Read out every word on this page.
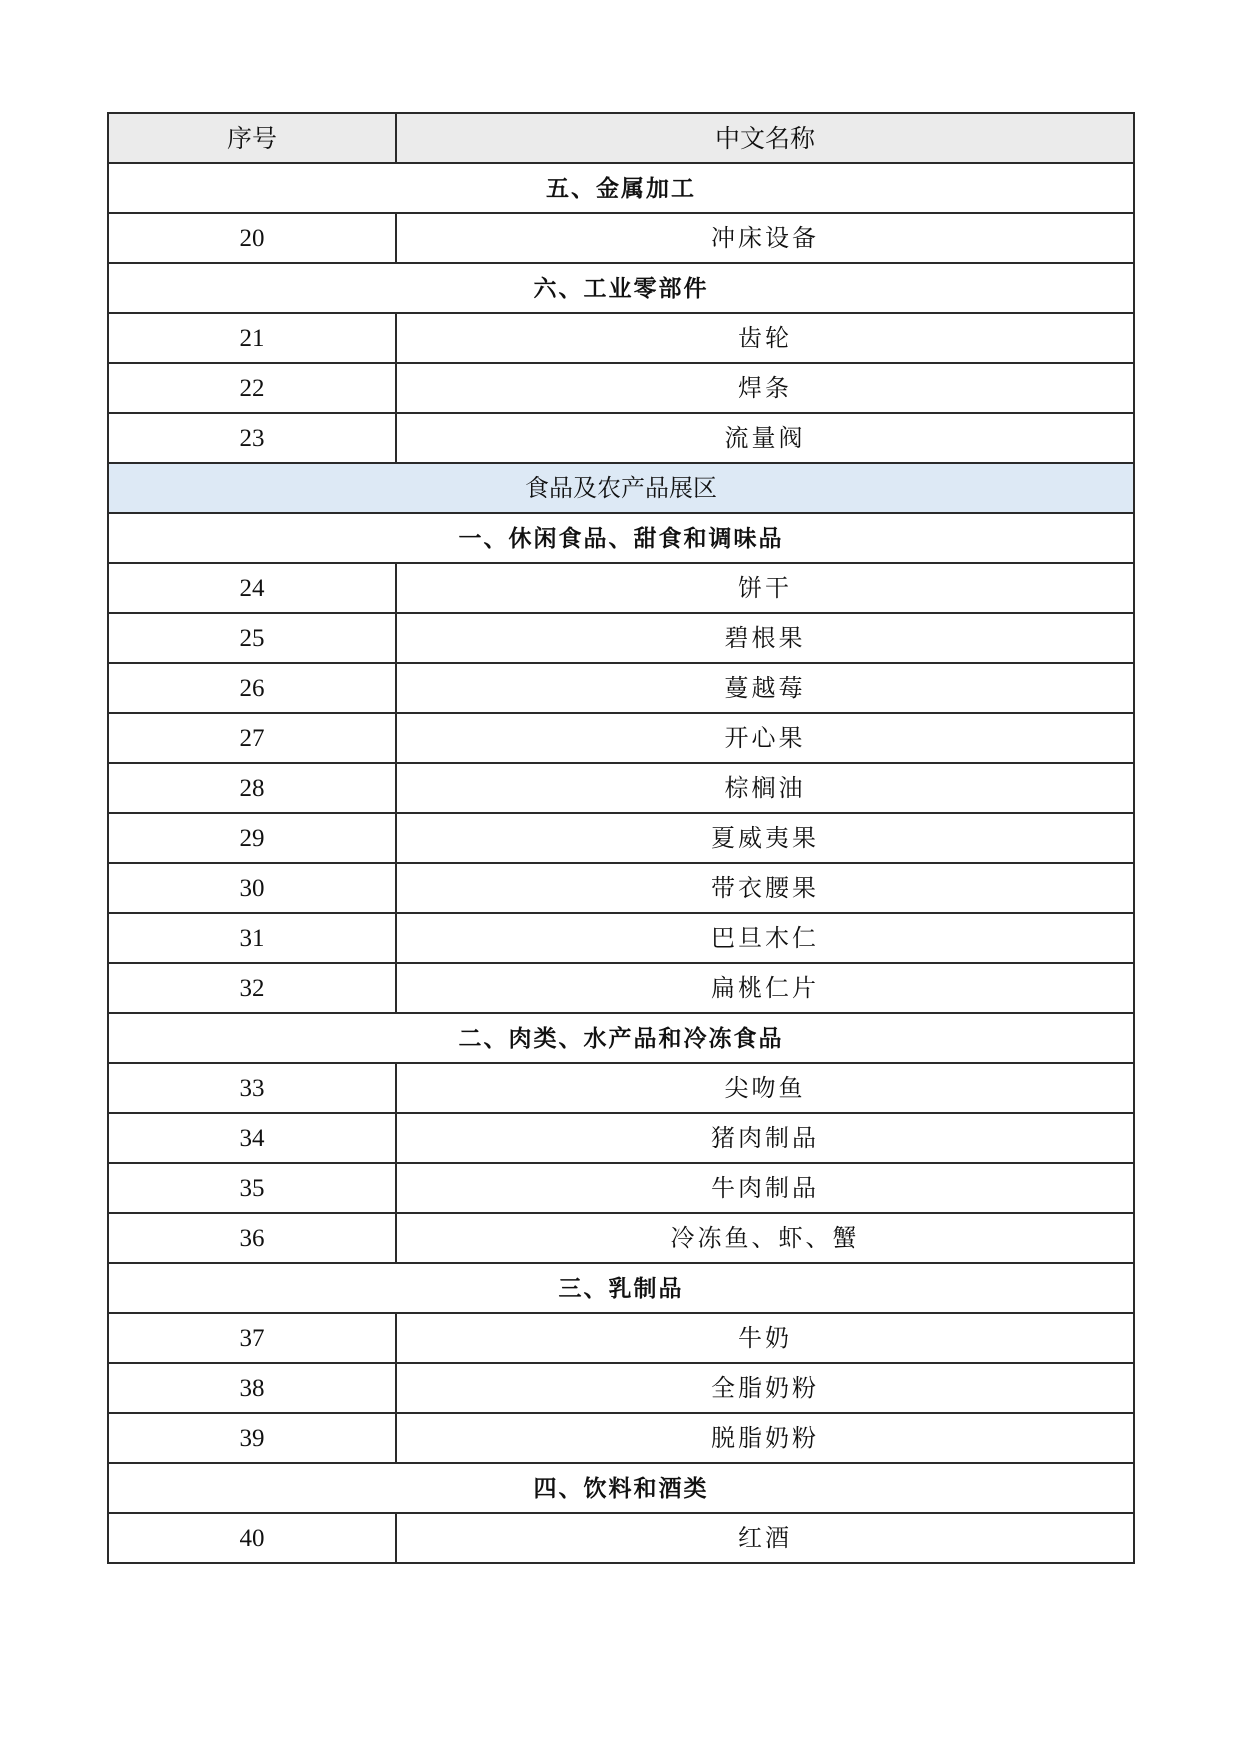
序号	中文名称
五、金属加工	
20	冲床设备
六、工业零部件	
21	齿轮
22	焊条
23	流量阀
食品及农产品展区	
一、休闲食品、甜食和调味品	
24	饼干
25	碧根果
26	蔓越莓
27	开心果
28	棕榈油
29	夏威夷果
30	带衣腰果
31	巴旦木仁
32	扁桃仁片
二、肉类、水产品和冷冻食品	
33	尖吻鱼
34	猪肉制品
35	牛肉制品
36	冷冻鱼、虾、蟹
三、乳制品	
37	牛奶
38	全脂奶粉
39	脱脂奶粉
四、饮料和酒类	
40	红酒
